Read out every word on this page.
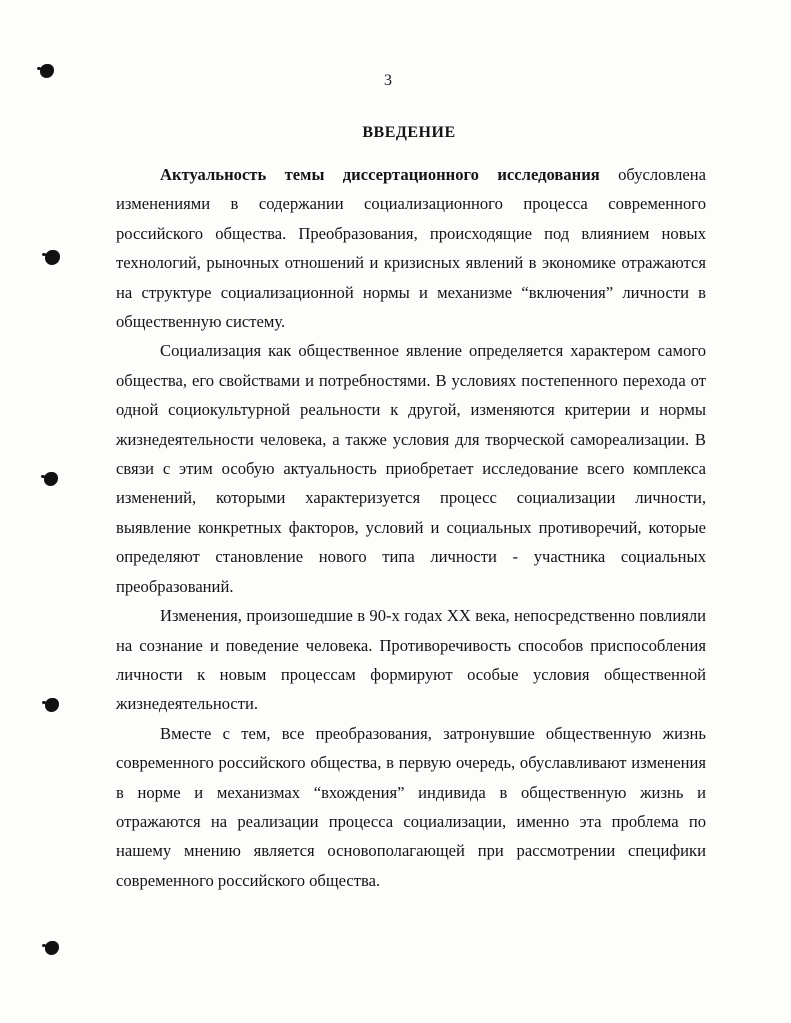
3
ВВЕДЕНИЕ

Актуальность темы диссертационного исследования обусловлена изменениями в содержании социализационного процесса современного российского общества. Преобразования, происходящие под влиянием новых технологий, рыночных отношений и кризисных явлений в экономике отражаются на структуре социализационной нормы и механизме “включения” личности в общественную систему.

Социализация как общественное явление определяется характером самого общества, его свойствами и потребностями. В условиях постепенного перехода от одной социокультурной реальности к другой, изменяются критерии и нормы жизнедеятельности человека, а также условия для творческой самореализации. В связи с этим особую актуальность приобретает исследование всего комплекса изменений, которыми характеризуется процесс социализации личности, выявление конкретных факторов, условий и социальных противоречий, которые определяют становление нового типа личности - участника социальных преобразований.

Изменения, произошедшие в 90-х годах XX века, непосредственно повлияли на сознание и поведение человека. Противоречивость способов приспособления личности к новым процессам формируют особые условия общественной жизнедеятельности.

Вместе с тем, все преобразования, затронувшие общественную жизнь современного российского общества, в первую очередь, обуславливают изменения в норме и механизмах “вхождения” индивида в общественную жизнь и отражаются на реализации процесса социализации, именно эта проблема по нашему мнению является основополагающей при рассмотрении специфики современного российского общества.
